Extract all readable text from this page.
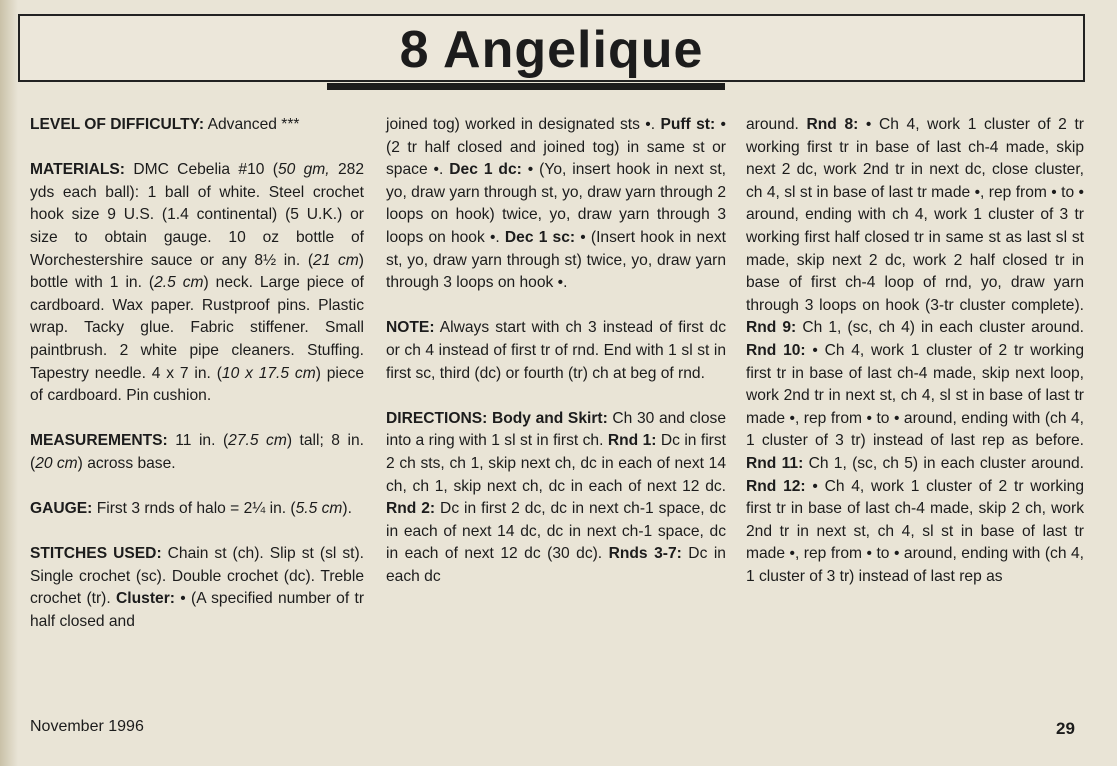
8 Angelique

LEVEL OF DIFFICULTY: Advanced ***

MATERIALS: DMC Cebelia #10 (50 gm, 282 yds each ball): 1 ball of white. Steel crochet hook size 9 U.S. (1.4 continental) (5 U.K.) or size to obtain gauge. 10 oz bottle of Worchestershire sauce or any 8½ in. (21 cm) bottle with 1 in. (2.5 cm) neck. Large piece of cardboard. Wax paper. Rustproof pins. Plastic wrap. Tacky glue. Fabric stiffener. Small paintbrush. 2 white pipe cleaners. Stuffing. Tapestry needle. 4 x 7 in. (10 x 17.5 cm) piece of cardboard. Pin cushion.

MEASUREMENTS: 11 in. (27.5 cm) tall; 8 in. (20 cm) across base.

GAUGE: First 3 rnds of halo = 2¼ in. (5.5 cm).

STITCHES USED: Chain st (ch). Slip st (sl st). Single crochet (sc). Double crochet (dc). Treble crochet (tr). Cluster: • (A specified number of tr half closed and

joined tog) worked in designated sts •. Puff st: • (2 tr half closed and joined tog) in same st or space •. Dec 1 dc: • (Yo, insert hook in next st, yo, draw yarn through st, yo, draw yarn through 2 loops on hook) twice, yo, draw yarn through 3 loops on hook •. Dec 1 sc: • (Insert hook in next st, yo, draw yarn through st) twice, yo, draw yarn through 3 loops on hook •.

NOTE: Always start with ch 3 instead of first dc or ch 4 instead of first tr of rnd. End with 1 sl st in first sc, third (dc) or fourth (tr) ch at beg of rnd.

DIRECTIONS: Body and Skirt: Ch 30 and close into a ring with 1 sl st in first ch. Rnd 1: Dc in first 2 ch sts, ch 1, skip next ch, dc in each of next 14 ch, ch 1, skip next ch, dc in each of next 12 dc. Rnd 2: Dc in first 2 dc, dc in next ch-1 space, dc in each of next 14 dc, dc in next ch-1 space, dc in each of next 12 dc (30 dc). Rnds 3-7: Dc in each dc

around. Rnd 8: • Ch 4, work 1 cluster of 2 tr working first tr in base of last ch-4 made, skip next 2 dc, work 2nd tr in next dc, close cluster, ch 4, sl st in base of last tr made •, rep from • to • around, ending with ch 4, work 1 cluster of 3 tr working first half closed tr in same st as last sl st made, skip next 2 dc, work 2 half closed tr in base of first ch-4 loop of rnd, yo, draw yarn through 3 loops on hook (3-tr cluster complete). Rnd 9: Ch 1, (sc, ch 4) in each cluster around. Rnd 10: • Ch 4, work 1 cluster of 2 tr working first tr in base of last ch-4 made, skip next loop, work 2nd tr in next st, ch 4, sl st in base of last tr made •, rep from • to • around, ending with (ch 4, 1 cluster of 3 tr) instead of last rep as before. Rnd 11: Ch 1, (sc, ch 5) in each cluster around. Rnd 12: • Ch 4, work 1 cluster of 2 tr working first tr in base of last ch-4 made, skip 2 ch, work 2nd tr in next st, ch 4, sl st in base of last tr made •, rep from • to • around, ending with (ch 4, 1 cluster of 3 tr) instead of last rep as

November 1996	29
